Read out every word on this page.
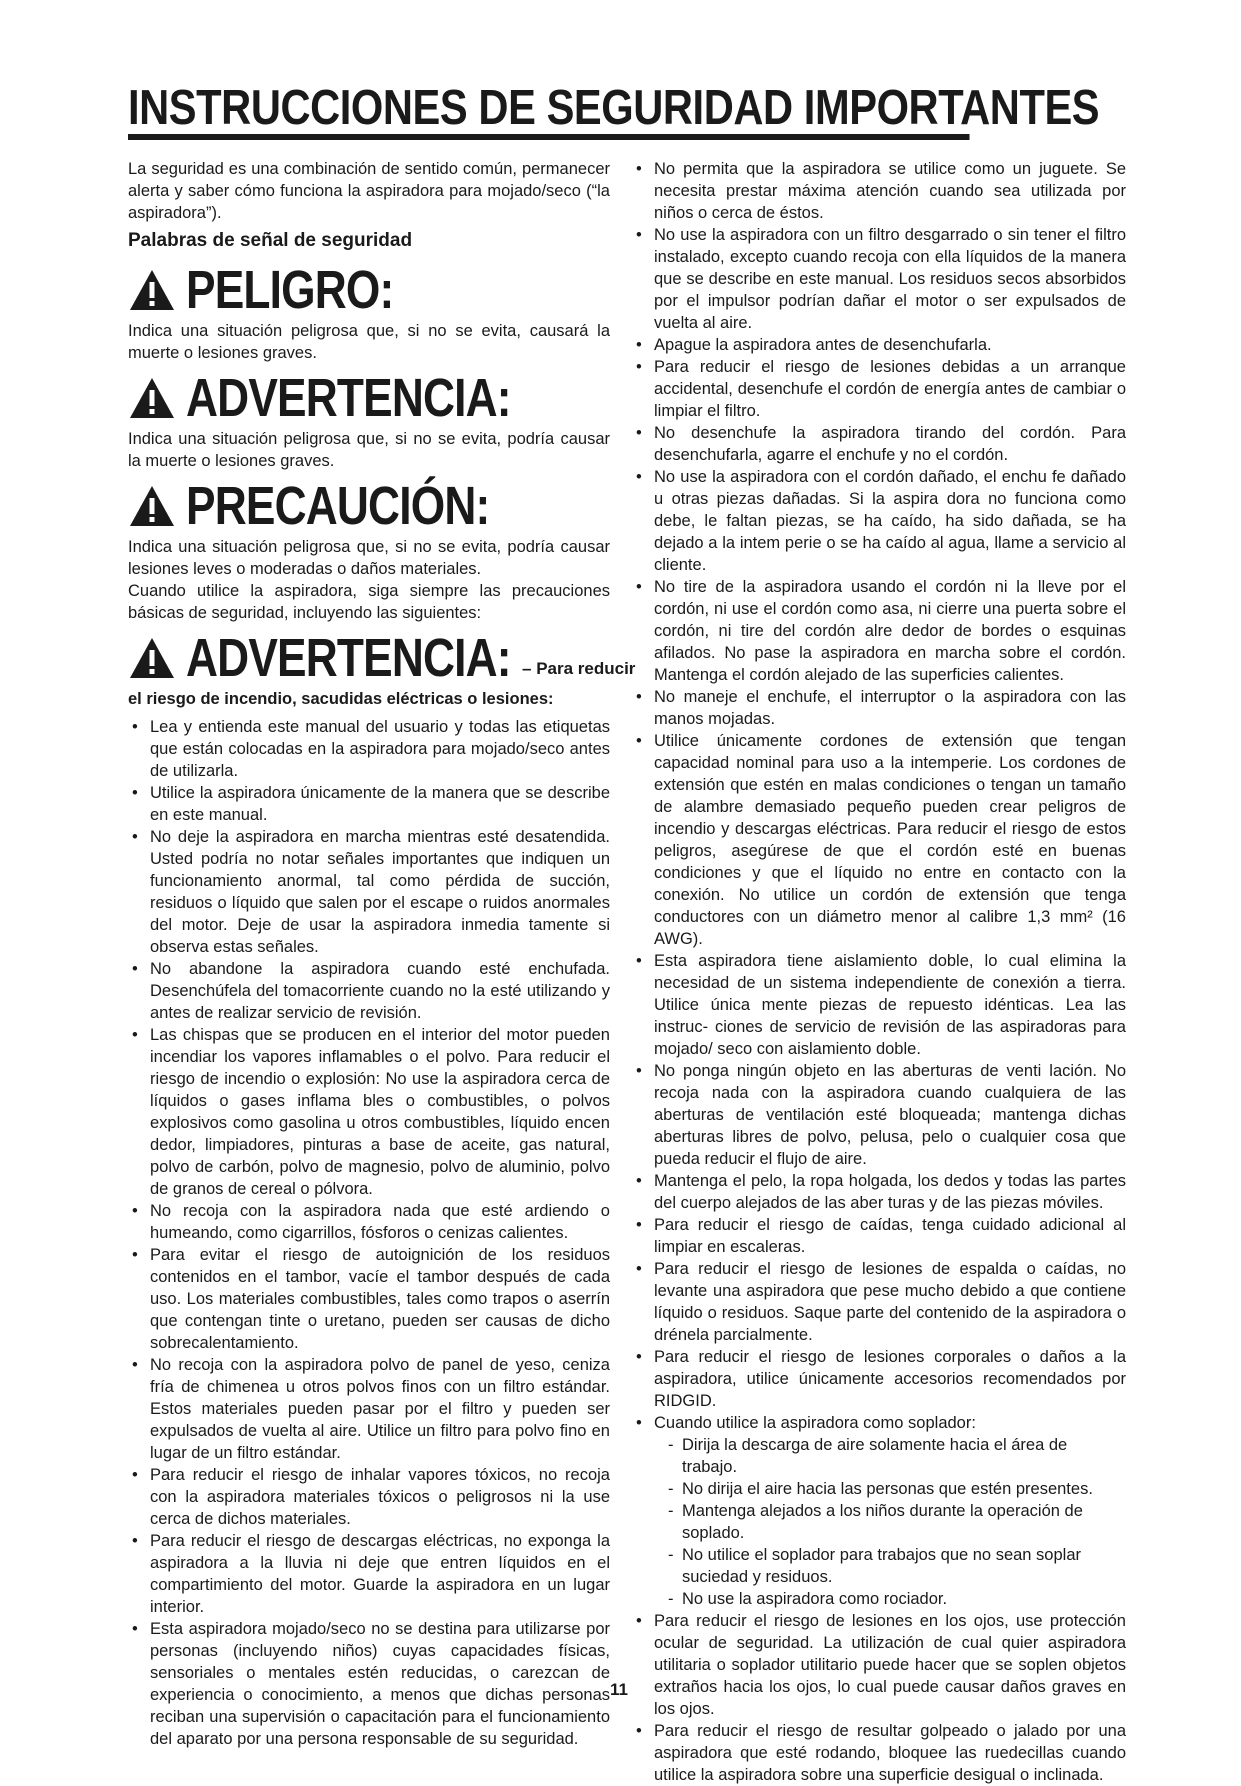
INSTRUCCIONES DE SEGURIDAD IMPORTANTES

La seguridad es una combinación de sentido común, permanecer alerta y saber cómo funciona la aspiradora para mojado/seco (“la aspiradora”).

Palabras de señal de seguridad

PELIGRO:

Indica una situación peligrosa que, si no se evita, causará la muerte o lesiones graves.

ADVERTENCIA:

Indica una situación peligrosa que, si no se evita, podría causar la muerte o lesiones graves.

PRECAUCIÓN:

Indica una situación peligrosa que, si no se evita, podría causar lesiones leves o moderadas o daños materiales.

Cuando utilice la aspiradora, siga siempre las precauciones básicas de seguridad, incluyendo las siguientes:

ADVERTENCIA: – Para reducir

el riesgo de incendio, sacudidas eléctricas o lesiones:

• Lea y entienda este manual del usuario y todas las etiquetas que están colocadas en la aspiradora para mojado/seco antes de utilizarla.
• Utilice la aspiradora únicamente de la manera que se describe en este manual.
• No deje la aspiradora en marcha mientras esté desatendida. Usted podría no notar señales importantes que indiquen un funcionamiento anormal, tal como pérdida de succión, residuos o líquido que salen por el escape o ruidos anormales del motor. Deje de usar la aspiradora inmedia tamente si observa estas señales.
• No abandone la aspiradora cuando esté enchufada. Desenchúfela del tomacorriente cuando no la esté utilizando y antes de realizar servicio de revisión.
• Las chispas que se producen en el interior del motor pueden incendiar los vapores inflamables o el polvo. Para reducir el riesgo de incendio o explosión: No use la aspiradora cerca de líquidos o gases inflama bles o combustibles, o polvos explosivos como gasolina u otros combustibles, líquido encen dedor, limpiadores, pinturas a base de aceite, gas natural, polvo de carbón, polvo de magnesio, polvo de aluminio, polvo de granos de cereal o pólvora.
• No recoja con la aspiradora nada que esté ardiendo o humeando, como cigarrillos, fósforos o cenizas calientes.
• Para evitar el riesgo de autoignición de los residuos contenidos en el tambor, vacíe el tambor después de cada uso. Los materiales combustibles, tales como trapos o aserrín que contengan tinte o uretano, pueden ser causas de dicho sobrecalentamiento.
• No recoja con la aspiradora polvo de panel de yeso, ceniza fría de chimenea u otros polvos finos con un filtro estándar. Estos materiales pueden pasar por el filtro y pueden ser expulsados de vuelta al aire. Utilice un filtro para polvo fino en lugar de un filtro estándar.
• Para reducir el riesgo de inhalar vapores tóxicos, no recoja con la aspiradora materiales tóxicos o peligrosos ni la use cerca de dichos materiales.
• Para reducir el riesgo de descargas eléctricas, no exponga la aspiradora a la lluvia ni deje que entren líquidos en el compartimiento del motor. Guarde la aspiradora en un lugar interior.
• Esta aspiradora mojado/seco no se destina para utilizarse por personas (incluyendo niños) cuyas capacidades físicas, sensoriales o mentales estén reducidas, o carezcan de experiencia o conocimiento, a menos que dichas personas reciban una supervisión o capacitación para el funcionamiento del aparato por una persona responsable de su seguridad.
• No permita que la aspiradora se utilice como un juguete. Se necesita prestar máxima atención cuando sea utilizada por niños o cerca de éstos.
• No use la aspiradora con un filtro desgarrado o sin tener el filtro instalado, excepto cuando recoja con ella líquidos de la manera que se describe en este manual. Los residuos secos absorbidos por el impulsor podrían dañar el motor o ser expulsados de vuelta al aire.
• Apague la aspiradora antes de desenchufarla.
• Para reducir el riesgo de lesiones debidas a un arranque accidental, desenchufe el cordón de energía antes de cambiar o limpiar el filtro.
• No desenchufe la aspiradora tirando del cordón. Para desenchufarla, agarre el enchufe y no el cordón.
• No use la aspiradora con el cordón dañado, el enchu fe dañado u otras piezas dañadas. Si la aspira dora no funciona como debe, le faltan piezas, se ha caído, ha sido dañada, se ha dejado a la intem perie o se ha caído al agua, llame a servicio al cliente.
• No tire de la aspiradora usando el cordón ni la lleve por el cordón, ni use el cordón como asa, ni cierre una puerta sobre el cordón, ni tire del cordón alre dedor de bordes o esquinas afilados. No pase la aspiradora en marcha sobre el cordón. Mantenga el cordón alejado de las superficies calientes.
• No maneje el enchufe, el interruptor o la aspiradora con las manos mojadas.
• Utilice únicamente cordones de extensión que tengan capacidad nominal para uso a la intemperie. Los cordones de extensión que estén en malas condiciones o tengan un tamaño de alambre demasiado pequeño pueden crear peligros de incendio y descargas eléctricas. Para reducir el riesgo de estos peligros, asegúrese de que el cordón esté en buenas condiciones y que el líquido no entre en contacto con la conexión. No utilice un cordón de extensión que tenga conductores con un diámetro menor al calibre 1,3 mm² (16 AWG).
• Esta aspiradora tiene aislamiento doble, lo cual elimina la necesidad de un sistema independiente de conexión a tierra. Utilice única mente piezas de repuesto idénticas. Lea las instruc- ciones de servicio de revisión de las aspiradoras para mojado/ seco con aislamiento doble.
• No ponga ningún objeto en las aberturas de venti lación. No recoja nada con la aspiradora cuando cualquiera de las aberturas de ventilación esté bloqueada; mantenga dichas aberturas libres de polvo, pelusa, pelo o cualquier cosa que pueda reducir el flujo de aire.
• Mantenga el pelo, la ropa holgada, los dedos y todas las partes del cuerpo alejados de las aber turas y de las piezas móviles.
• Para reducir el riesgo de caídas, tenga cuidado adicional al limpiar en escaleras.
• Para reducir el riesgo de lesiones de espalda o caídas, no levante una aspiradora que pese mucho debido a que contiene líquido o residuos. Saque parte del contenido de la aspiradora o drénela parcialmente.
• Para reducir el riesgo de lesiones corporales o daños a la aspiradora, utilice únicamente accesorios recomendados por RIDGID.
• Cuando utilice la aspiradora como soplador:
- Dirija la descarga de aire solamente hacia el área de trabajo.
- No dirija el aire hacia las personas que estén presentes.
- Mantenga alejados a los niños durante la operación de soplado.
- No utilice el soplador para trabajos que no sean soplar suciedad y residuos.
- No use la aspiradora como rociador.
• Para reducir el riesgo de lesiones en los ojos, use protección ocular de seguridad. La utilización de cual quier aspiradora utilitaria o soplador utilitario puede hacer que se soplen objetos extraños hacia los ojos, lo cual puede causar daños graves en los ojos.
• Para reducir el riesgo de resultar golpeado o jalado por una aspiradora que esté rodando, bloquee las ruedecillas cuando utilice la aspiradora sobre una superficie desigual o inclinada.
11
